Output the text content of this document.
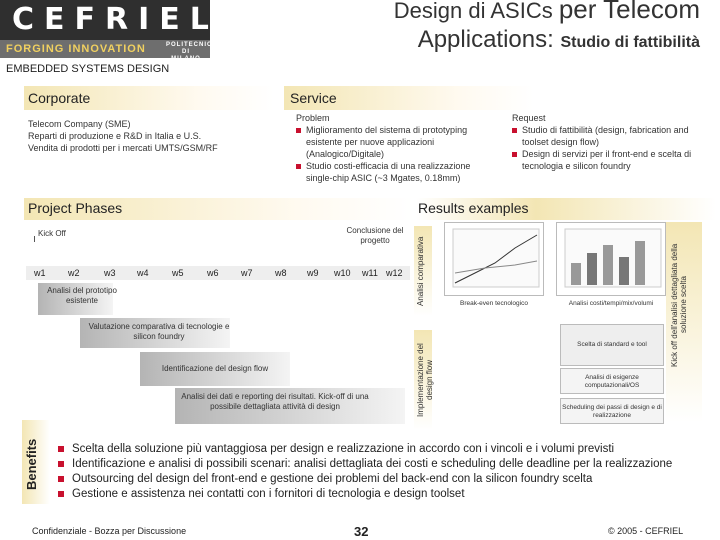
CEFRIEL
FORGING INNOVATION	POLITECNICO DI MILANO
Design di ASICs per Telecom
Applications: Studio di fattibilità
EMBEDDED SYSTEMS DESIGN
Corporate	Service
Telecom Company (SME)
Reparti di produzione e R&D in Italia e U.S.
Vendita di prodotti per i mercati UMTS/GSM/RF
Problem
Miglioramento del sistema di prototyping esistente per nuove applicazioni (Analogico/Digitale)
Studio costi-efficacia di una realizzazione single-chip ASIC (~3 Mgates, 0.18mm)
Request
Studio di fattibilità (design, fabrication and toolset design flow)
Design di servizi per il front-end e scelta di tecnologia e silicon foundry
Project Phases	Results examples
Kick Off	Conclusione del progetto
w1 w2	w3 w4	w5	w6 w7 w8 w9 w10 w11 w12
Analisi del prototipo esistente
Valutazione comparativa di tecnologie e silicon foundry
Identificazione del design flow
Analisi dei dati e reporting dei risultati. Kick-off di una possibile dettagliata attività di design
Analisi comparativa
Implementazione del design flow
Break-even tecnologico	Analisi costi/tempi/mix/volumi
Scelta di standard e tool
Analisi di esigenze computazionali/OS
Scheduling dei passi di design e di realizzazione
Kick off dell'analisi dettagliata della soluzione scelta
Benefits	Scelta della soluzione più vantaggiosa per design e realizzazione in accordo con i vincoli e i volumi previsti
Identificazione e analisi di possibili scenari: analisi dettagliata dei costi e scheduling delle deadline per la realizzazione
Outsourcing del design del front-end e gestione dei problemi del back-end con la silicon foundry scelta
Gestione e assistenza nei contatti con i fornitori di tecnologia e design toolset
Confidenziale - Bozza per Discussione	32	© 2005 - CEFRIEL
